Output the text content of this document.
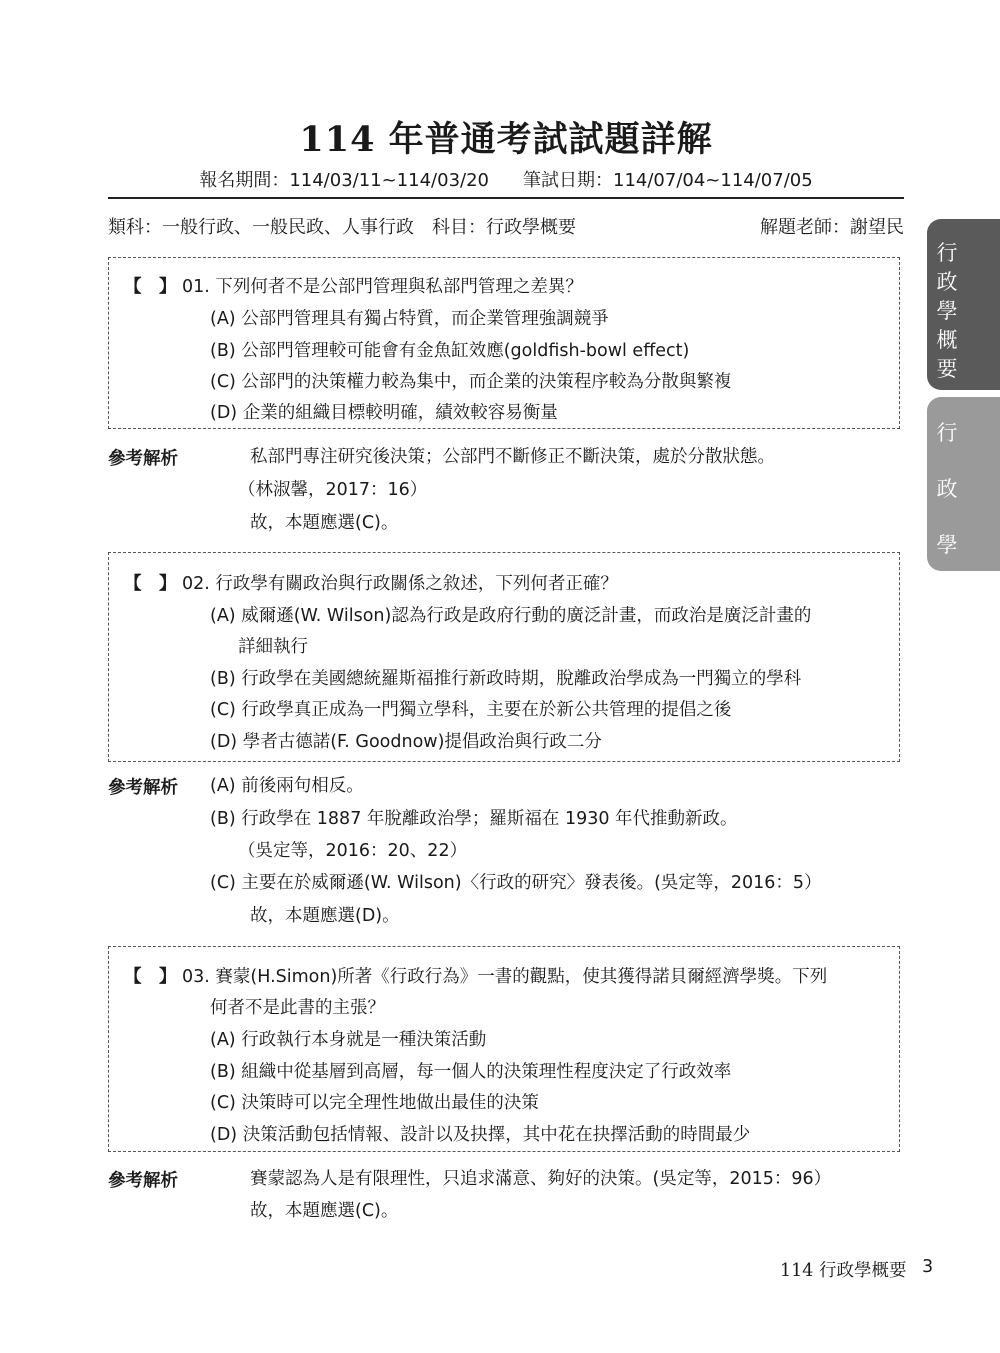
114 年普通考試試題詳解
報名期間：114/03/11~114/03/20 筆試日期：114/07/04~114/07/05
類科：一般行政、一般民政、人事行政 科目：行政學概要	解題老師：謝望民
【　】 01. 下列何者不是公部門管理與私部門管理之差異？
(A) 公部門管理具有獨占特質，而企業管理強調競爭
(B) 公部門管理較可能會有金魚缸效應(goldfish-bowl effect)
(C) 公部門的決策權力較為集中，而企業的決策程序較為分散與繁複
(D) 企業的組織目標較明確，績效較容易衡量
參考解析	私部門專注研究後決策；公部門不斷修正不斷決策，處於分散狀態。
（林淑馨，2017：16）
故，本題應選(C)。
【　】 02. 行政學有關政治與行政關係之敘述，下列何者正確？
(A) 威爾遜(W. Wilson)認為行政是政府行動的廣泛計畫，而政治是廣泛計畫的
詳細執行
(B) 行政學在美國總統羅斯福推行新政時期，脫離政治學成為一門獨立的學科
(C) 行政學真正成為一門獨立學科，主要在於新公共管理的提倡之後
(D) 學者古德諾(F. Goodnow)提倡政治與行政二分
參考解析 (A) 前後兩句相反。
(B) 行政學在 1887 年脫離政治學；羅斯福在 1930 年代推動新政。
（吳定等，2016：20、22）
(C) 主要在於威爾遜(W. Wilson)〈行政的研究〉發表後。(吳定等，2016：5）
故，本題應選(D)。
【　】 03. 賽蒙(H.Simon)所著《行政行為》一書的觀點，使其獲得諾貝爾經濟學獎。下列
何者不是此書的主張？
(A) 行政執行本身就是一種決策活動
(B) 組織中從基層到高層，每一個人的決策理性程度決定了行政效率
(C) 決策時可以完全理性地做出最佳的決策
(D) 決策活動包括情報、設計以及抉擇，其中花在抉擇活動的時間最少
參考解析	賽蒙認為人是有限理性，只追求滿意、夠好的決策。(吳定等，2015：96）
故，本題應選(C)。
行
政
學
概
要
行
政
學
114 行政學概要 3
